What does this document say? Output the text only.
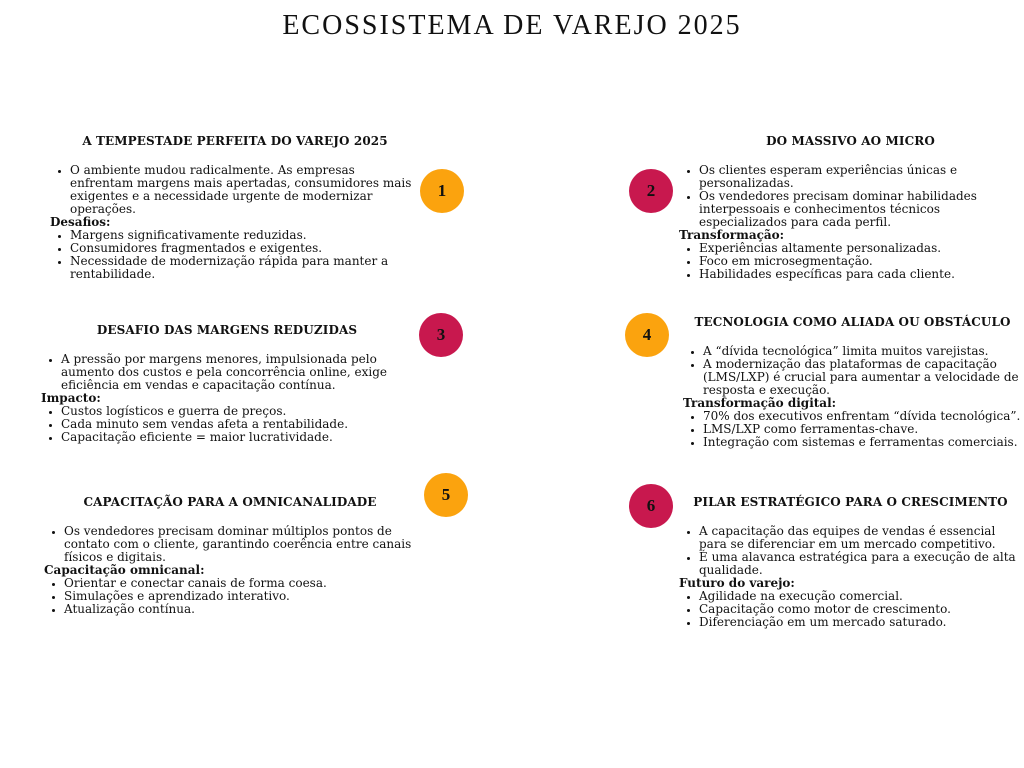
ECOSSISTEMA DE VAREJO 2025
A TEMPESTADE PERFEITA DO VAREJO 2025
• O ambiente mudou radicalmente. As empresas enfrentam margens mais apertadas, consumidores mais exigentes e a necessidade urgente de modernizar operações.
Desafios:
• Margens significativamente reduzidas.
• Consumidores fragmentados e exigentes.
• Necessidade de modernização rápida para manter a rentabilidade.
1
DO MASSIVO AO MICRO
• Os clientes esperam experiências únicas e personalizadas.
• Os vendedores precisam dominar habilidades interpessoais e conhecimentos técnicos especializados para cada perfil.
Transformação:
• Experiências altamente personalizadas.
• Foco em microsegmentação.
• Habilidades específicas para cada cliente.
2
DESAFIO DAS MARGENS REDUZIDAS
• A pressão por margens menores, impulsionada pelo aumento dos custos e pela concorrência online, exige eficiência em vendas e capacitação contínua.
Impacto:
• Custos logísticos e guerra de preços.
• Cada minuto sem vendas afeta a rentabilidade.
• Capacitação eficiente = maior lucratividade.
3
TECNOLOGIA COMO ALIADA OU OBSTÁCULO
• A “dívida tecnológica” limita muitos varejistas.
• A modernização das plataformas de capacitação (LMS/LXP) é crucial para aumentar a velocidade de resposta e execução.
Transformação digital:
• 70% dos executivos enfrentam “dívida tecnológica”.
• LMS/LXP como ferramentas-chave.
• Integração com sistemas e ferramentas comerciais.
4
CAPACITAÇÃO PARA A OMNICANALIDADE
• Os vendedores precisam dominar múltiplos pontos de contato com o cliente, garantindo coerência entre canais físicos e digitais.
Capacitação omnicanal:
• Orientar e conectar canais de forma coesa.
• Simulações e aprendizado interativo.
• Atualização contínua.
5	PILAR ESTRATÉGICO PARA O CRESCIMENTO
• A capacitação das equipes de vendas é essencial para se diferenciar em um mercado competitivo.
• É uma alavanca estratégica para a execução de alta qualidade.
Futuro do varejo:
• Agilidade na execução comercial.
• Capacitação como motor de crescimento.
• Diferenciação em um mercado saturado.
6
